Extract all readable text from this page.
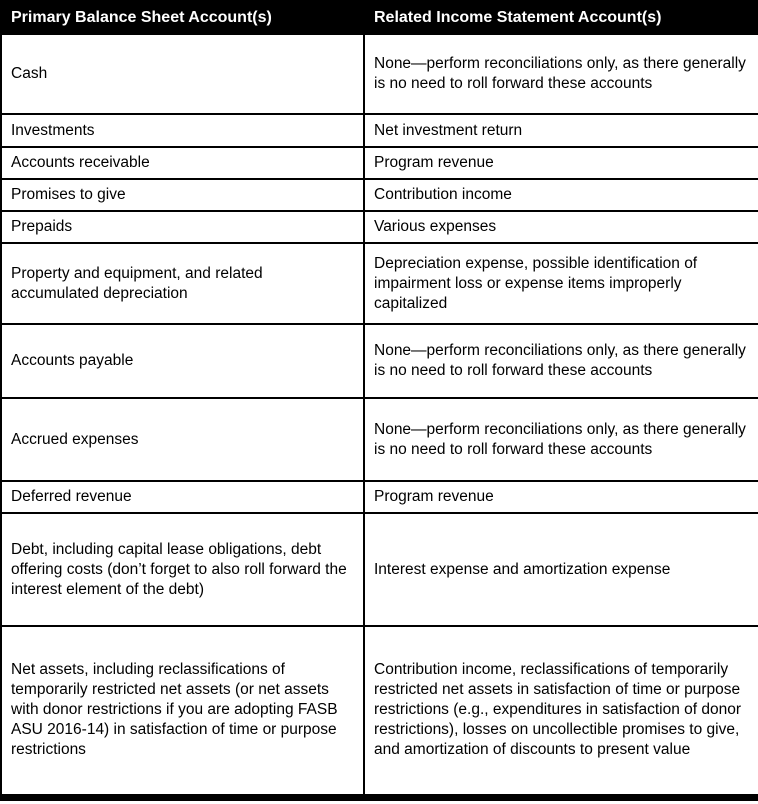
Primary Balance Sheet Account(s)	Related Income Statement Account(s)
Cash	None—perform reconciliations only, as there generally is no need to roll forward these accounts
Investments	Net investment return
Accounts receivable	Program revenue
Promises to give	Contribution income
Prepaids	Various expenses
Property and equipment, and related accumulated depreciation	Depreciation expense, possible identification of impairment loss or expense items improperly capitalized
Accounts payable	None—perform reconciliations only, as there generally is no need to roll forward these accounts
Accrued expenses	None—perform reconciliations only, as there generally is no need to roll forward these accounts
Deferred revenue	Program revenue
Debt, including capital lease obligations, debt offering costs (don’t forget to also roll forward the interest element of the debt)	Interest expense and amortization expense
Net assets, including reclassifications of temporarily restricted net assets (or net assets with donor restrictions if you are adopting FASB ASU 2016-14) in satisfaction of time or purpose restrictions	Contribution income, reclassifications of temporarily restricted net assets in satisfaction of time or purpose restrictions (e.g., expenditures in satisfaction of donor restrictions), losses on uncollectible promises to give, and amortization of discounts to present value
